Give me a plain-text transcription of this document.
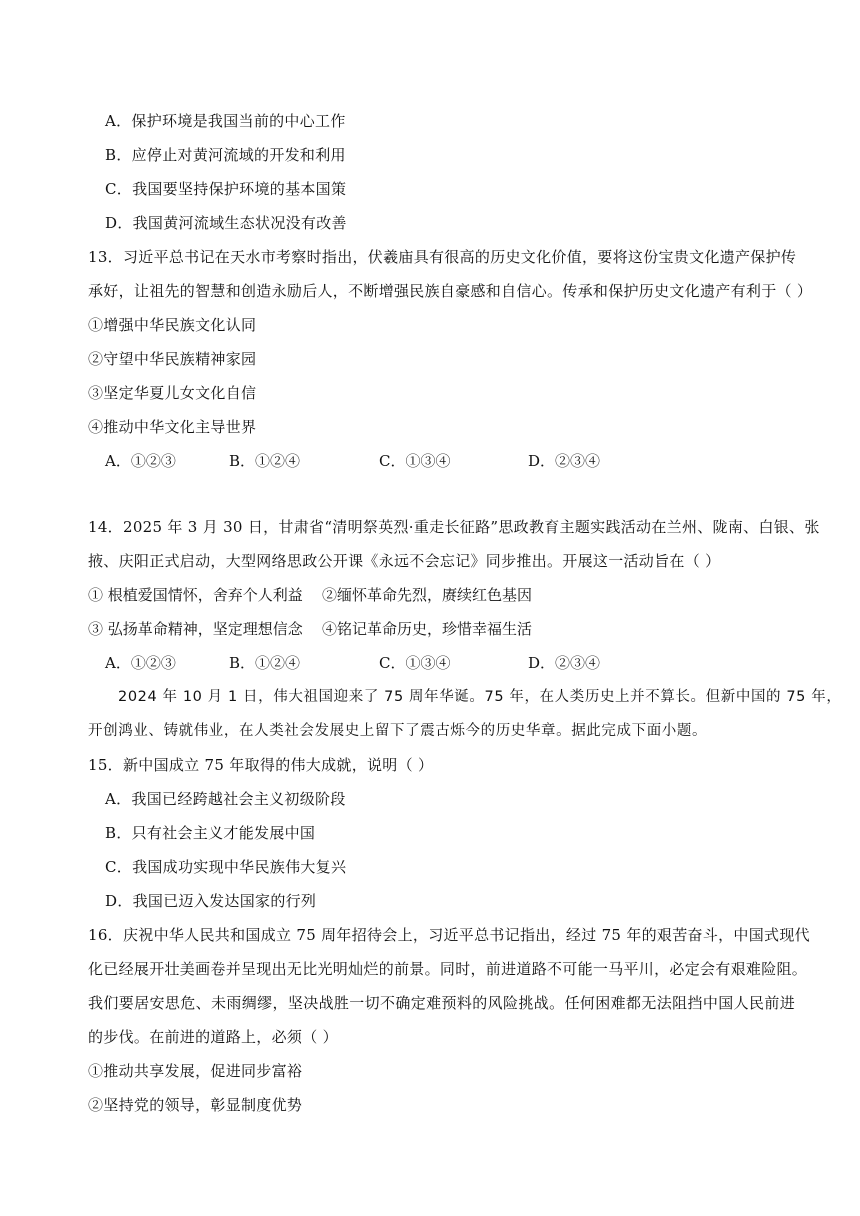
A．保护环境是我国当前的中心工作
B．应停止对黄河流域的开发和利用
C．我国要坚持保护环境的基本国策
D．我国黄河流域生态状况没有改善
13．习近平总书记在天水市考察时指出，伏羲庙具有很高的历史文化价值，要将这份宝贵文化遗产保护传
承好，让祖先的智慧和创造永励后人，不断增强民族自豪感和自信心。传承和保护历史文化遗产有利于（ ）
①增强中华民族文化认同
②守望中华民族精神家园
③坚定华夏儿女文化自信
④推动中华文化主导世界
A．①②③	B．①②④	C．①③④	D．②③④
14．2025 年 3 月 30 日，甘肃省“清明祭英烈·重走长征路”思政教育主题实践活动在兰州、陇南、白银、张
掖、庆阳正式启动，大型网络思政公开课《永远不会忘记》同步推出。开展这一活动旨在（ ）
① 根植爱国情怀，舍弃个人利益 ②缅怀革命先烈，赓续红色基因
③ 弘扬革命精神，坚定理想信念 ④铭记革命历史，珍惜幸福生活
A．①②③	B．①②④	C．①③④	D．②③④
2024 年 10 月 1 日，伟大祖国迎来了 75 周年华诞。75 年，在人类历史上并不算长。但新中国的 75 年，
开创鸿业、铸就伟业，在人类社会发展史上留下了震古烁今的历史华章。据此完成下面小题。
15．新中国成立 75 年取得的伟大成就，说明（ ）
A．我国已经跨越社会主义初级阶段
B．只有社会主义才能发展中国
C．我国成功实现中华民族伟大复兴
D．我国已迈入发达国家的行列
16．庆祝中华人民共和国成立 75 周年招待会上，习近平总书记指出，经过 75 年的艰苦奋斗，中国式现代
化已经展开壮美画卷并呈现出无比光明灿烂的前景。同时，前进道路不可能一马平川，必定会有艰难险阻。
我们要居安思危、未雨绸缪，坚决战胜一切不确定难预料的风险挑战。任何困难都无法阻挡中国人民前进
的步伐。在前进的道路上，必须（ ）
①推动共享发展，促进同步富裕
②坚持党的领导，彰显制度优势
